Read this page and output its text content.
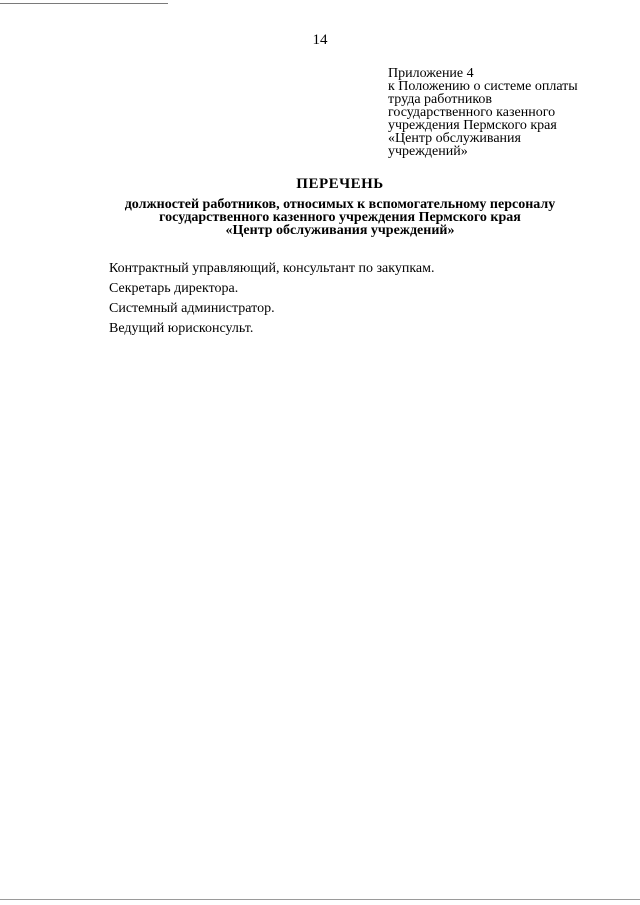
14
Приложение 4
к Положению о системе оплаты
труда работников
государственного казенного
учреждения Пермского края
«Центр обслуживания
учреждений»
ПЕРЕЧЕНЬ
должностей работников, относимых к вспомогательному персоналу
государственного казенного учреждения Пермского края
«Центр обслуживания учреждений»
Контрактный управляющий, консультант по закупкам.
Секретарь директора.
Системный администратор.
Ведущий юрисконсульт.
